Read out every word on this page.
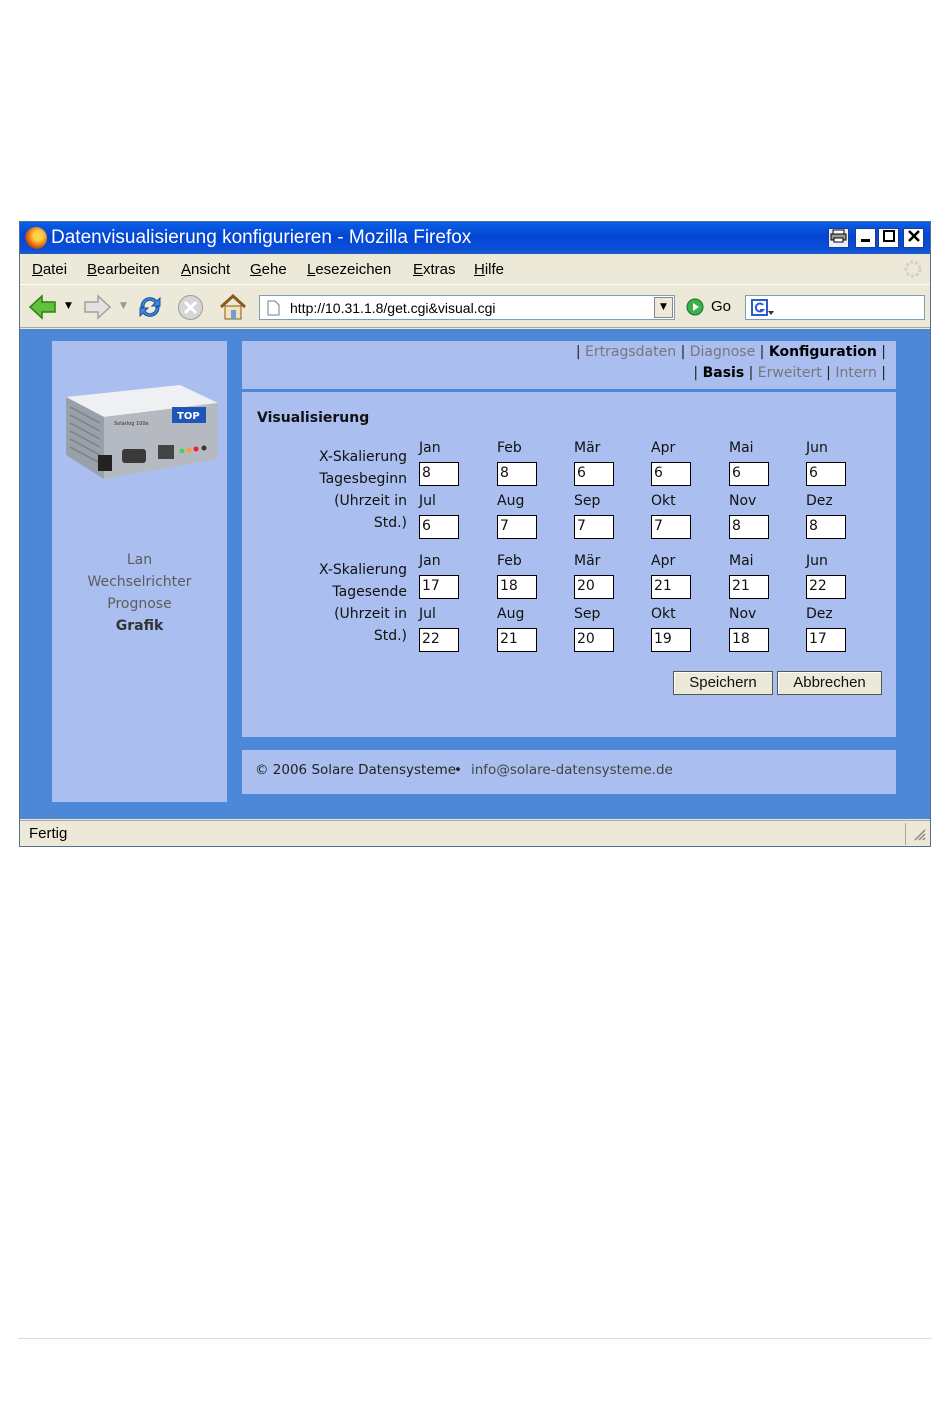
Datenvisualisierung konfigurieren - Mozilla Firefox
Datei Bearbeiten Ansicht Gehe Lesezeichen Extras Hilfe
▼	▼	http://10.31.1.8/get.cgi&visual.cgi	▼	Go
TOP
Solarlog 100e
Lan
Wechselrichter
Prognose
Grafik
| Ertragsdaten | Diagnose | Konfiguration |
| Basis | Erweitert | Intern |
Visualisierung
X-Skalierung
Tagesbeginn
(Uhrzeit in
Std.)
Jan	Feb	Mär	Apr	Mai	Jun
8	8	6	6	6	6
Jul	Aug	Sep	Okt	Nov	Dez
6	7	7	7	8	8
X-Skalierung
Tagesende
(Uhrzeit in
Std.)
Jan	Feb	Mär	Apr	Mai	Jun
17	18	20	21	21	22
Jul	Aug	Sep	Okt	Nov	Dez
22	21	20	19	18	17
Speichern	Abbrechen
© 2006 Solare Datensysteme
• info@solare-datensysteme.de
Fertig
